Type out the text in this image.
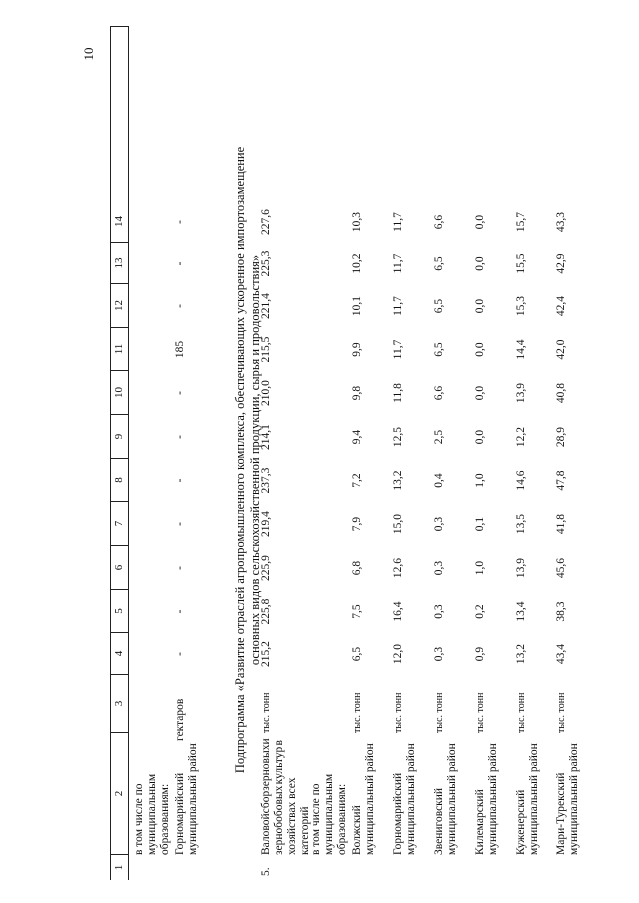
10
1
2
3
4
5
6
7
8
9
10
11
12
13
14
в том числе по муниципальным образованиям: Горномарийский муниципальный район
гектаров
-
-
-
-
-
-
-
185
-
-
-
5.
Валовой
сбор
зерновых
и
зернобобовых
культур
в
хозяйствах всех категорий
тыс. тонн
215,2
225,8
225,9
219,4
237,3
214,1
210,0
215,5
221,4
225,3
227,6
в том числе по муниципальным образованиям: Волжский муниципальный район
тыс. тонн
6,5
7,5
6,8
7,9
7,2
9,4
9,8
9,9
10,1
10,2
10,3
Горномарийский муниципальный район
тыс. тонн
12,0
16,4
12,6
15,0
13,2
12,5
11,8
11,7
11,7
11,7
11,7
Звениговский муниципальный район
тыс. тонн
0,3
0,3
0,3
0,3
0,4
2,5
6,6
6,5
6,5
6,5
6,6
Килемарский муниципальный район
тыс. тонн
0,9
0,2
1,0
0,1
1,0
0,0
0,0
0,0
0,0
0,0
0,0
Куженерский муниципальный район
тыс. тонн
13,2
13,4
13,9
13,5
14,6
12,2
13,9
14,4
15,3
15,5
15,7
Мари-Турекский муниципальный район
тыс. тонн
43,4
38,3
45,6
41,8
47,8
28,9
40,8
42,0
42,4
42,9
43,3
Подпрограмма «Развитие отраслей агропромышленного комплекса, обеспечивающих ускоренное импортозамещение основных видов сельскохозяйственной продукции, сырья и продовольствия»
